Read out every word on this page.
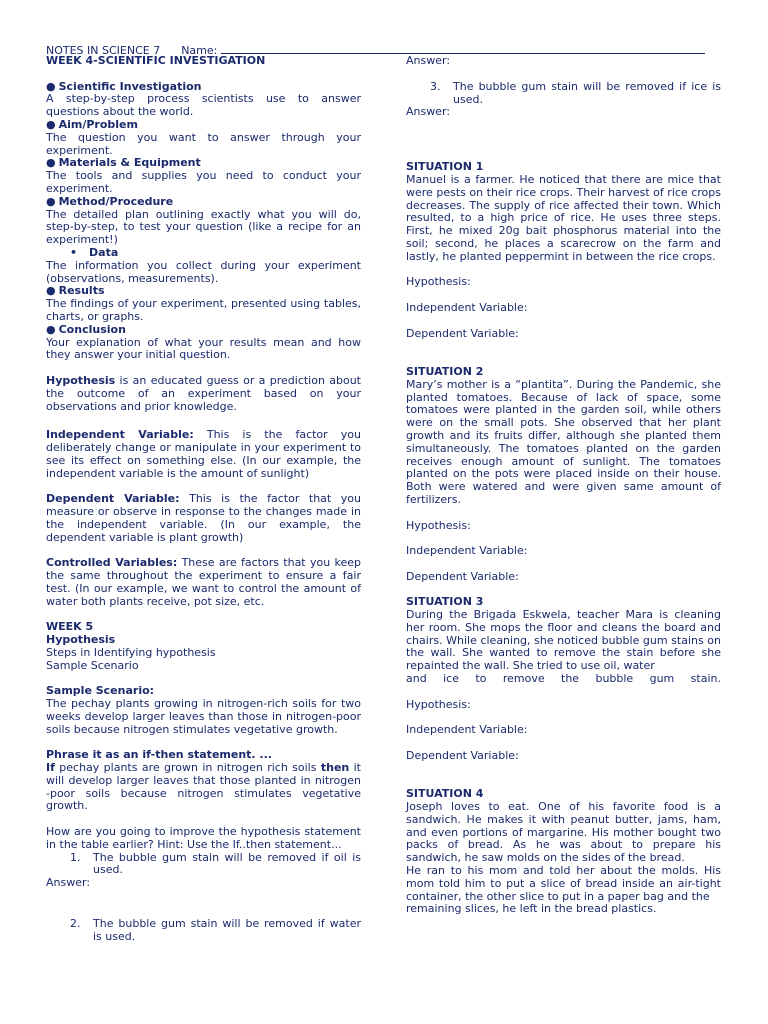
NOTES IN SCIENCE 7 Name:

WEEK 4-SCIENTIFIC INVESTIGATION

● Scientific Investigation

A step-by-step process scientists use to answer questions about the world.

● Aim/Problem

The question you want to answer through your experiment.

● Materials & Equipment

The tools and supplies you need to conduct your experiment.

● Method/Procedure

The detailed plan outlining exactly what you will do, step-by-step, to test your question (like a recipe for an experiment!)

• Data

The information you collect during your experiment (observations, measurements).

● Results

The findings of your experiment, presented using tables, charts, or graphs.

● Conclusion

Your explanation of what your results mean and how they answer your initial question.

Hypothesis is an educated guess or a prediction about the outcome of an experiment based on your observations and prior knowledge.

Independent Variable: This is the factor you deliberately change or manipulate in your experiment to see its effect on something else. (In our example, the independent variable is the amount of sunlight)

Dependent Variable: This is the factor that you measure or observe in response to the changes made in the independent variable. (In our example, the dependent variable is plant growth)

Controlled Variables: These are factors that you keep the same throughout the experiment to ensure a fair test. (In our example, we want to control the amount of water both plants receive, pot size, etc.

WEEK 5

Hypothesis

Steps in Identifying hypothesis

Sample Scenario

Sample Scenario:

The pechay plants growing in nitrogen-rich soils for two weeks develop larger leaves than those in nitrogen-poor soils because nitrogen stimulates vegetative growth.

Phrase it as an if-then statement. ...

If pechay plants are grown in nitrogen rich soils then it will develop larger leaves that those planted in nitrogen -poor soils because nitrogen stimulates vegetative growth.

How are you going to improve the hypothesis statement in the table earlier? Hint: Use the If..then statement...

1.	The bubble gum stain will be removed if oil is used.

Answer:

2.	The bubble gum stain will be removed if water is used.

Answer:

3.	The bubble gum stain will be removed if ice is used.

Answer:

SITUATION 1

Manuel is a farmer. He noticed that there are mice that were pests on their rice crops. Their harvest of rice crops decreases. The supply of rice affected their town. Which resulted, to a high price of rice. He uses three steps. First, he mixed 20g bait phosphorus material into the soil; second, he places a scarecrow on the farm and lastly, he planted peppermint in between the rice crops.

Hypothesis:

Independent Variable:

Dependent Variable:

SITUATION 2

Mary’s mother is a “plantita”. During the Pandemic, she planted tomatoes. Because of lack of space, some tomatoes were planted in the garden soil, while others were on the small pots. She observed that her plant growth and its fruits differ, although she planted them simultaneously. The tomatoes planted on the garden receives enough amount of sunlight. The tomatoes planted on the pots were placed inside on their house. Both were watered and were given same amount of fertilizers.

Hypothesis:

Independent Variable:

Dependent Variable:

SITUATION 3

During the Brigada Eskwela, teacher Mara is cleaning her room. She mops the floor and cleans the board and chairs. While cleaning, she noticed bubble gum stains on the wall. She wanted to remove the stain before she repainted the wall. She tried to use oil, water

and ice to remove the bubble gum stain.

Hypothesis:

Independent Variable:

Dependent Variable:

SITUATION 4

Joseph loves to eat. One of his favorite food is a sandwich. He makes it with peanut butter, jams, ham, and even portions of margarine. His mother bought two packs of bread. As he was about to prepare his sandwich, he saw molds on the sides of the bread.

He ran to his mom and told her about the molds. His mom told him to put a slice of bread inside an air-tight container, the other slice to put in a paper bag and the

remaining slices, he left in the bread plastics.
